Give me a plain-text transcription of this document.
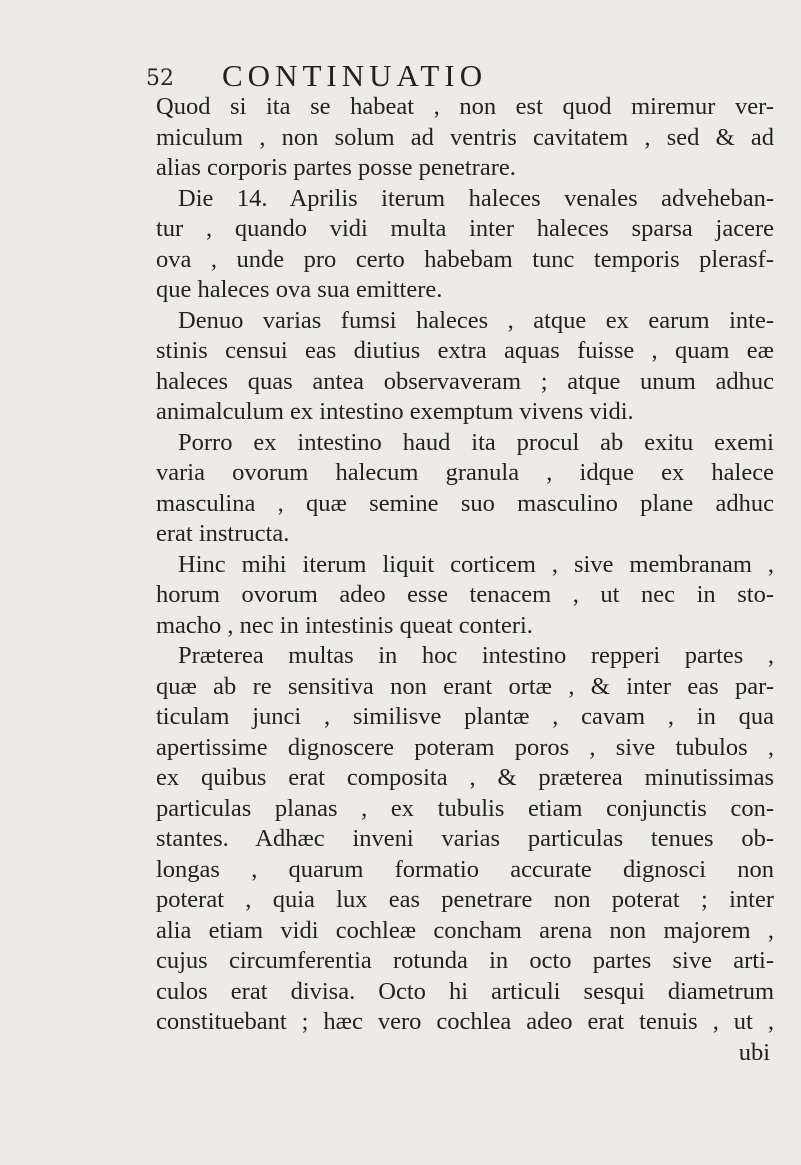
52 CONTINUATIO
Quod si ita se habeat , non est quod miremur ver-
miculum , non solum ad ventris cavitatem , sed & ad
alias corporis partes posse penetrare.
Die 14. Aprilis iterum haleces venales adveheban-
tur , quando vidi multa inter haleces sparsa jacere
ova , unde pro certo habebam tunc temporis plerasf-
que haleces ova sua emittere.
Denuo varias fumsi haleces , atque ex earum inte-
stinis censui eas diutius extra aquas fuisse , quam eæ
haleces quas antea observaveram ; atque unum adhuc
animalculum ex intestino exemptum vivens vidi.
Porro ex intestino haud ita procul ab exitu exemi
varia ovorum halecum granula , idque ex halece
masculina , quæ semine suo masculino plane adhuc
erat instructa.
Hinc mihi iterum liquit corticem , sive membranam ,
horum ovorum adeo esse tenacem , ut nec in sto-
macho , nec in intestinis queat conteri.
Præterea multas in hoc intestino repperi partes ,
quæ ab re sensitiva non erant ortæ , & inter eas par-
ticulam junci , similisve plantæ , cavam , in qua
apertissime dignoscere poteram poros , sive tubulos ,
ex quibus erat composita , & præterea minutissimas
particulas planas , ex tubulis etiam conjunctis con-
stantes. Adhæc inveni varias particulas tenues ob-
longas , quarum formatio accurate dignosci non
poterat , quia lux eas penetrare non poterat ; inter
alia etiam vidi cochleæ concham arena non majorem ,
cujus circumferentia rotunda in octo partes sive arti-
culos erat divisa. Octo hi articuli sesqui diametrum
constituebant ; hæc vero cochlea adeo erat tenuis , ut ,
ubi
